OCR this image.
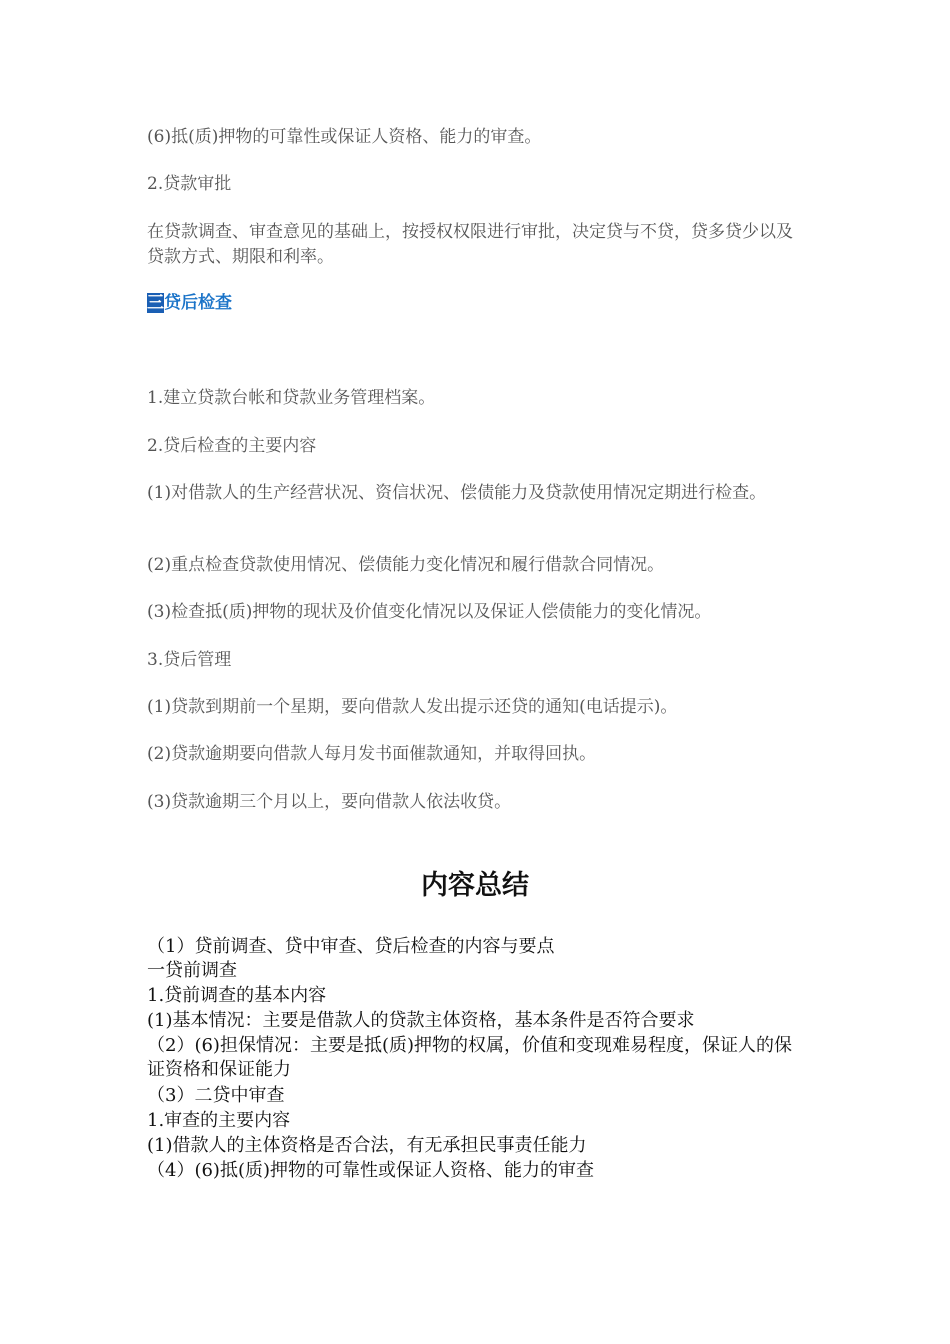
(6)抵(质)押物的可靠性或保证人资格、能力的审查。

2.贷款审批

在贷款调查、审查意见的基础上，按授权权限进行审批，决定贷与不贷，贷多贷少以及贷款方式、期限和利率。

三贷后检查

1.建立贷款台帐和贷款业务管理档案。

2.贷后检查的主要内容

(1)对借款人的生产经营状况、资信状况、偿债能力及贷款使用情况定期进行检查。

(2)重点检查贷款使用情况、偿债能力变化情况和履行借款合同情况。

(3)检查抵(质)押物的现状及价值变化情况以及保证人偿债能力的变化情况。

3.贷后管理

(1)贷款到期前一个星期，要向借款人发出提示还贷的通知(电话提示)。

(2)贷款逾期要向借款人每月发书面催款通知，并取得回执。

(3)贷款逾期三个月以上，要向借款人依法收贷。

内容总结

（1）贷前调查、贷中审查、贷后检查的内容与要点

一贷前调查

1.贷前调查的基本内容

(1)基本情况：主要是借款人的贷款主体资格，基本条件是否符合要求

（2）(6)担保情况：主要是抵(质)押物的权属，价值和变现难易程度，保证人的保证资格和保证能力

（3）二贷中审查

1.审查的主要内容

(1)借款人的主体资格是否合法，有无承担民事责任能力

（4）(6)抵(质)押物的可靠性或保证人资格、能力的审查
